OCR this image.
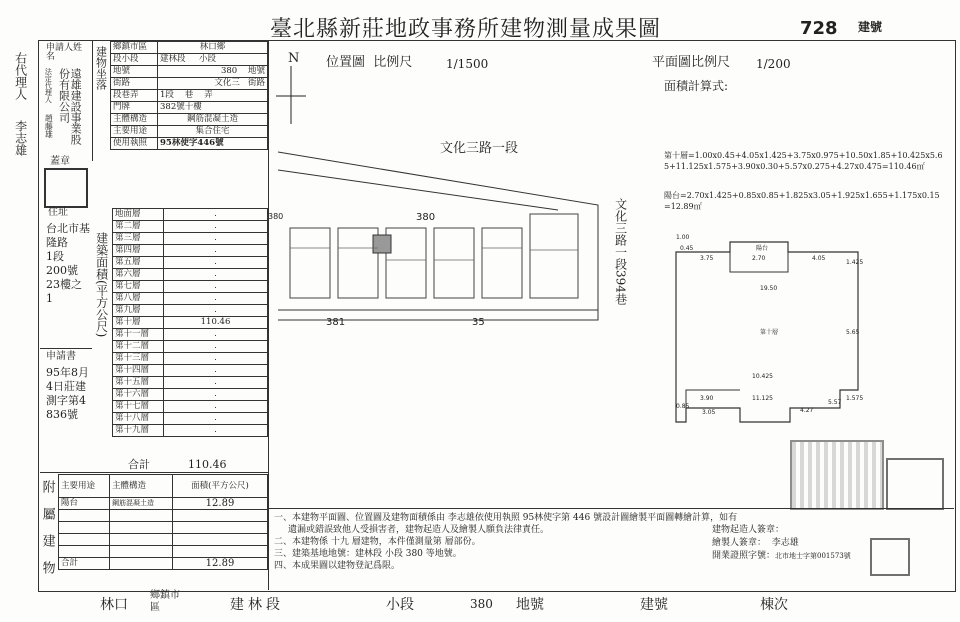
臺北縣新莊地政事務所建物測量成果圖	728 建號
右代理人
李志雄
申請人姓名
遠雄建設事業股份有限公司
法定代理人
趙藤雄
蓋章
建物坐落 鄉鎮市區	林口鄉
段小段	建林段 小段
地號	380 地號
街路	文化三 街路
段巷弄	1段 巷 弄
門牌	382號十樓
主體構造	鋼筋混凝土造
主要用途	集合住宅
使用執照	95林使字446號
住址
台北市基隆路
1段
200號
23樓之
1
申請書
95年8月4日莊建測字第4836號
建築面積(平方公尺)
地面層	.
第二層	.
第三層	.
第四層	.
第五層	.
第六層	.
第七層	.
第八層	.
第九層	.
第十層	110.46
第十一層	.
第十二層	.
第十三層	.
第十四層	.
第十五層	.
第十六層	.
第十七層	.
第十八層	.
第十九層	.
合計	110.46
附屬建物 主要用途	主體構造	面積(平方公尺)
陽台	鋼筋混凝土造	12.89

合計		12.89
N 位置圖 比例尺	1/1500
文化三路一段
文化三路一段394巷
380
381	35
380
平面圖比例尺 1/200
面積計算式:
第十層=1.00x0.45+4.05x1.425+3.75x0.975+10.50x1.85+10.425x5.65+11.125x1.575+3.90x0.30+5.57x0.275+4.27x0.475=110.46㎡
陽台=2.70x1.425+0.85x0.85+1.825x3.05+1.925x1.655+1.175x0.15=12.89㎡
1.00
3.75	2.70	4.05
19.50
10.425
3.90	11.125
0.85
3.05	4.27
5.57
1.425
0.45
5.65
1.575
陽台
第十層
一、本建物平面圖、位置圖及建物面積係由 李志雄依使用執照 95林使字第 446 號設計圖繪製平面圖轉繪計算，如有
遺漏或錯誤致他人受損害者，建物起造人及繪製人願負法律責任。
二、本建物係 十九 層建物，本件僅測量第 層部份。
三、建築基地地號：建林段 小段 380 等地號。
四、本成果圖以建物登記爲限。
建物起造人簽章：
繪製人簽章： 李志雄
開業證照字號：北市地士字第001573號
林口
鄉鎮市區	建林段	小段	380 地號	建號	棟次
